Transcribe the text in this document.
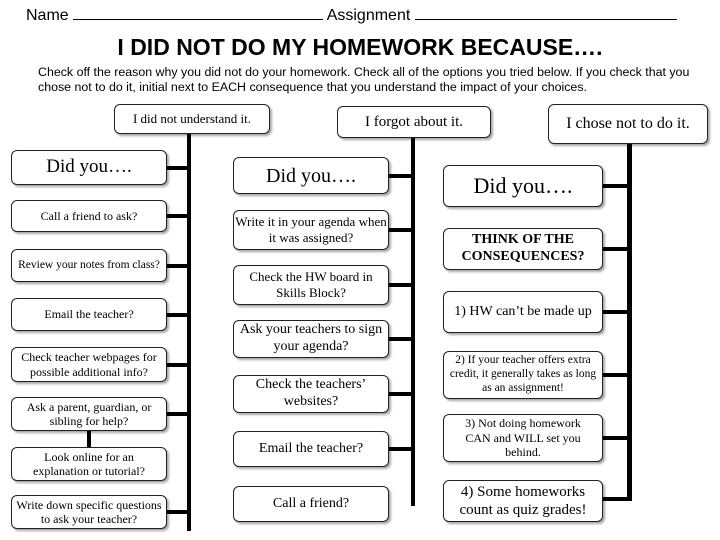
Name	Assignment
I DID NOT DO MY HOMEWORK BECAUSE….
Check off the reason why you did not do your homework. Check all of the options you tried below. If you check that you chose not to do it, initial next to EACH consequence that you understand the impact of your choices.
I did not understand it.
Did you….
Call a friend to ask?
Review your notes from class?
Email the teacher?
Check teacher webpages for possible additional info?
Ask a parent, guardian, or sibling for help?
Look online for an explanation or tutorial?
Write down specific questions to ask your teacher?
I forgot about it.
Did you….
Write it in your agenda when it was assigned?
Check the HW board in Skills Block?
Ask your teachers to sign your agenda?
Check the teachers’ websites?
Email the teacher?
Call a friend?
I chose not to do it.
Did you….
THINK OF THE CONSEQUENCES?
1) HW can’t be made up
2) If your teacher offers extra credit, it generally takes as long as an assignment!
3) Not doing homework CAN and WILL set you behind.
4) Some homeworks count as quiz grades!
